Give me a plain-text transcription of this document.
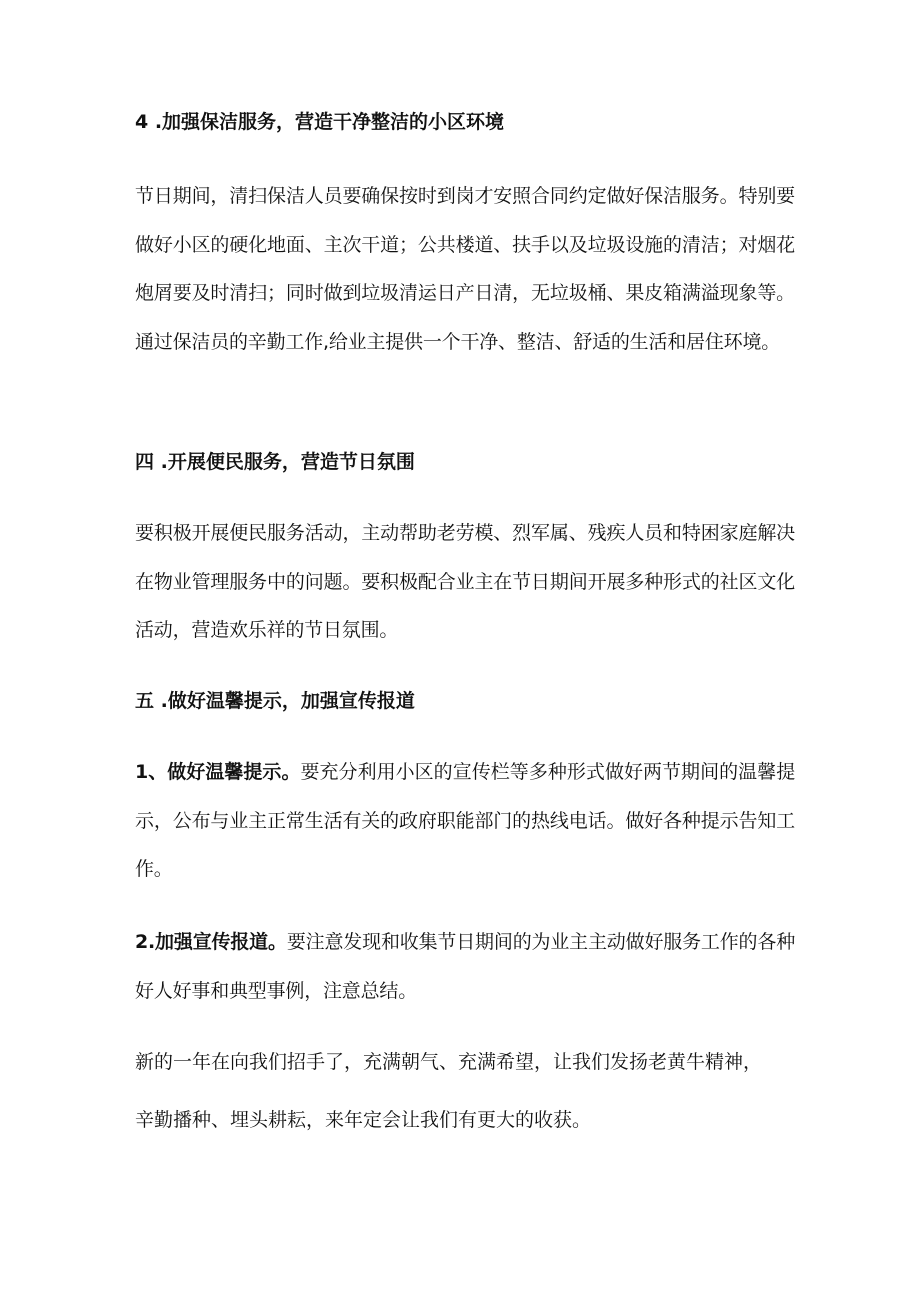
4 .加强保洁服务，营造干净整洁的小区环境
节日期间，清扫保洁人员要确保按时到岗才安照合同约定做好保洁服务。特别要做好小区的硬化地面、主次干道；公共楼道、扶手以及垃圾设施的清洁；对烟花炮屑要及时清扫；同时做到垃圾清运日产日清，无垃圾桶、果皮箱满溢现象等。通过保洁员的辛勤工作,给业主提供一个干净、整洁、舒适的生活和居住环境。
四 .开展便民服务，营造节日氛围
要积极开展便民服务活动，主动帮助老劳模、烈军属、残疾人员和特困家庭解决在物业管理服务中的问题。要积极配合业主在节日期间开展多种形式的社区文化活动，营造欢乐祥的节日氛围。
五 .做好温馨提示，加强宣传报道
1、做好温馨提示。要充分利用小区的宣传栏等多种形式做好两节期间的温馨提示，公布与业主正常生活有关的政府职能部门的热线电话。做好各种提示告知工作。
2.加强宣传报道。要注意发现和收集节日期间的为业主主动做好服务工作的各种好人好事和典型事例，注意总结。
新的一年在向我们招手了，充满朝气、充满希望，让我们发扬老黄牛精神，辛勤播种、埋头耕耘，来年定会让我们有更大的收获。
